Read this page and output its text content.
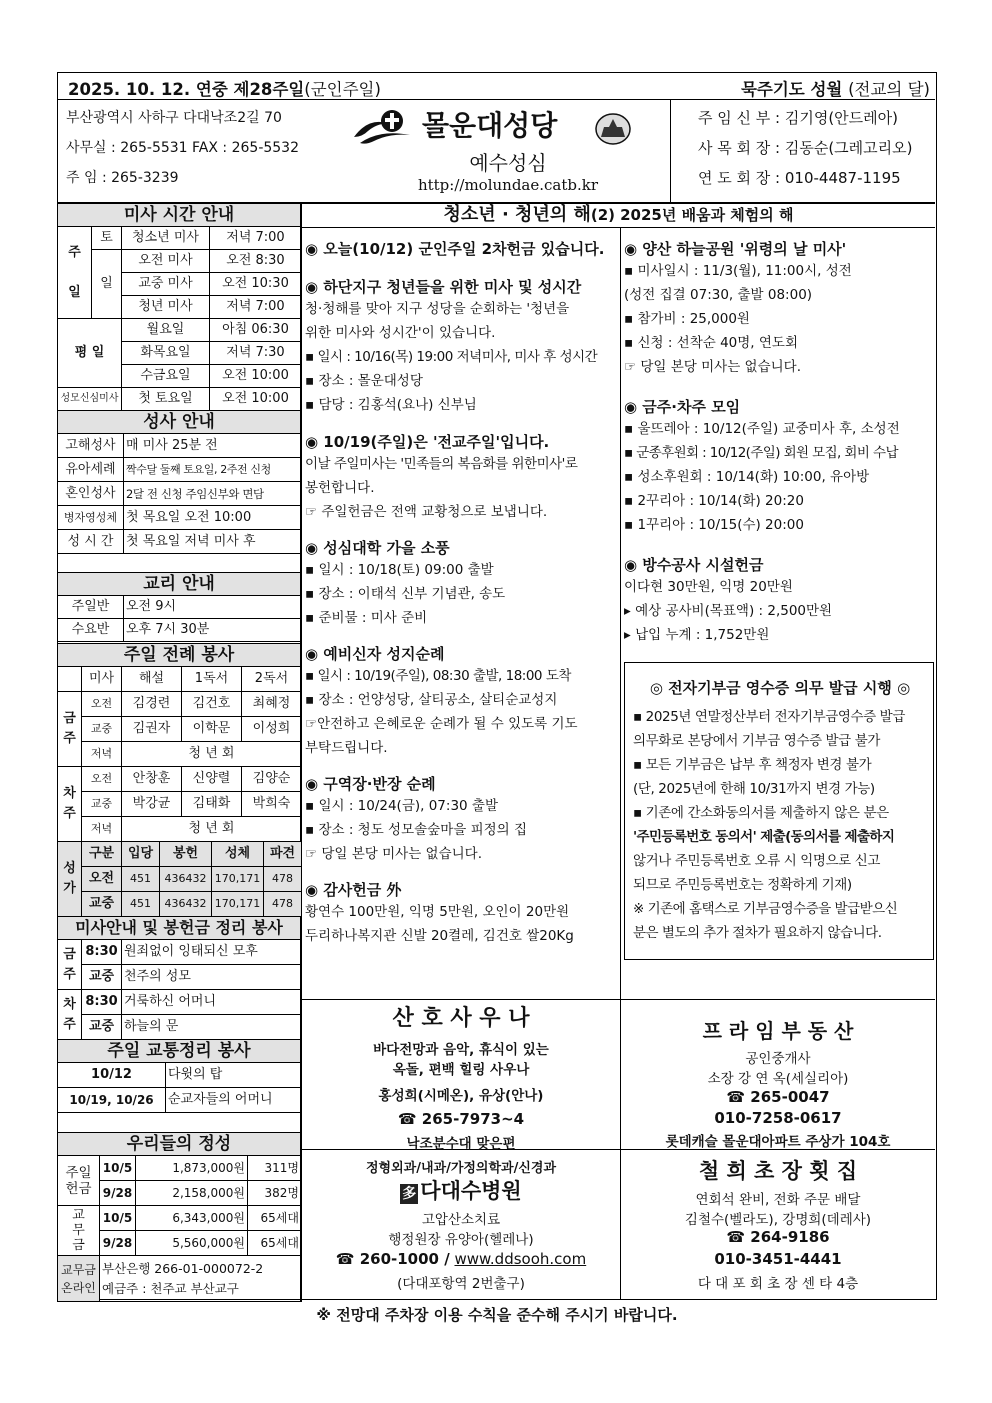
2025. 10. 12. 연중 제28주일(군인주일)	묵주기도 성월 (전교의 달)
부산광역시 사하구 다대낙조2길 70
사무실 : 265-5531 FAX : 265-5532
주 임 : 265-3239
몰운대성당
예수성심
http://molundae.catb.kr
주 임 신 부 : 김기영(안드레아)
사 목 회 장 : 김동순(그레고리오)
연 도 회 장 : 010-4487-1195
청소년 · 청년의 해(2) 2025년 배움과 체험의 해
미사 시간 안내
주

일	토	청소년 미사	저녁 7:00
	일	오전 미사	오전 8:30
		교중 미사	오전 10:30
		청년 미사	저녁 7:00
평 일		월요일	아침 06:30
		화목요일	저녁 7:30
		수금요일	오전 10:00
성모신심미사		첫 토요일	오전 10:00
성사 안내
고해성사	매 미사 25분 전
유아세례	짝수달 둘째 토요일, 2주전 신청
혼인성사	2달 전 신청 주임신부와 면담
병자영성체	첫 목요일 오전 10:00
성 시 간	첫 목요일 저녁 미사 후
교리 안내
주일반	오전 9시
수요반	오후 7시 30분
주일 전례 봉사
	미사	해설	1독서	2독서
금주	오전	김경련	김건호	최혜정
	교중	김권자	이학문	이성희
	저녁	청 년 회		
차주	오전	안창훈	신양렬	김양순
	교중	박강균	김태화	박희숙
	저녁	청 년 회		
성가	구분	입당	봉헌	성체	파견
	오전	451	436432	170,171	478
	교중	451	436432	170,171	478
미사안내 및 봉헌금 정리 봉사
금주	8:30	원죄없이 잉태되신 모후
	교중	천주의 성모
차주	8:30	거룩하신 어머니
	교중	하늘의 문
주일 교통정리 봉사
10/12	다윗의 탑
10/19, 10/26	순교자들의 어머니
우리들의 정성
주일헌금	10/5	1,873,000원	311명
	9/28	2,158,000원	382명
교무금	10/5	6,343,000원	65세대
	9/28	5,560,000원	65세대
교무금 온라인	부산은행 266-01-000072-2
예금주 : 천주교 부산교구		
◉ 오늘(10/12) 군인주일 2차헌금 있습니다.
◉ 하단지구 청년들을 위한 미사 및 성시간
청·청해를 맞아 지구 성당을 순회하는 '청년을
위한 미사와 성시간'이 있습니다.
▪ 일시 : 10/16(목) 19:00 저녁미사, 미사 후 성시간
▪ 장소 : 몰운대성당
▪ 담당 : 김홍석(요나) 신부님
◉ 10/19(주일)은 '전교주일'입니다.
이날 주일미사는 '민족들의 복음화를 위한미사'로
봉헌합니다.
☞ 주일헌금은 전액 교황청으로 보냅니다.
◉ 성심대학 가을 소풍
▪ 일시 : 10/18(토) 09:00 출발
▪ 장소 : 이태석 신부 기념관, 송도
▪ 준비물 : 미사 준비
◉ 예비신자 성지순례
▪ 일시 : 10/19(주일), 08:30 출발, 18:00 도착
▪ 장소 : 언양성당, 살티공소, 살티순교성지
☞안전하고 은혜로운 순례가 될 수 있도록 기도
부탁드립니다.
◉ 구역장·반장 순례
▪ 일시 : 10/24(금), 07:30 출발
▪ 장소 : 청도 성모솔숲마을 피정의 집
☞ 당일 본당 미사는 없습니다.
◉ 감사헌금 外
황연수 100만원, 익명 5만원, 오인이 20만원
두리하나복지관 신발 20켤레, 김건호 쌀20Kg
◉ 양산 하늘공원 '위령의 날 미사'
▪ 미사일시 : 11/3(월), 11:00시, 성전
(성전 집결 07:30, 출발 08:00)
▪ 참가비 : 25,000원
▪ 신청 : 선착순 40명, 연도회
☞ 당일 본당 미사는 없습니다.
◉ 금주·차주 모임
▪ 울뜨레아 : 10/12(주일) 교중미사 후, 소성전
▪ 군종후원회 : 10/12(주일) 회원 모집, 회비 수납
▪ 성소후원회 : 10/14(화) 10:00, 유아방
▪ 2꾸리아 : 10/14(화) 20:20
▪ 1꾸리아 : 10/15(수) 20:00
◉ 방수공사 시설헌금
이다현 30만원, 익명 20만원
▸ 예상 공사비(목표액) : 2,500만원
▸ 납입 누계 : 1,752만원
◎ 전자기부금 영수증 의무 발급 시행 ◎
▪ 2025년 연말정산부터 전자기부금영수증 발급
의무화로 본당에서 기부금 영수증 발급 불가
▪ 모든 기부금은 납부 후 책정자 변경 불가
(단, 2025년에 한해 10/31까지 변경 가능)
▪ 기존에 간소화동의서를 제출하지 않은 분은
'주민등록번호 동의서' 제출(동의서를 제출하지
않거나 주민등록번호 오류 시 익명으로 신고
되므로 주민등록번호는 정확하게 기재)
※ 기존에 홈택스로 기부금영수증을 발급받으신
분은 별도의 추가 절차가 필요하지 않습니다.
산 호 사 우 나
바다전망과 음악, 휴식이 있는
옥돌, 편백 힐링 사우나
홍성희(시메온), 유상(안나)
☎ 265-7973~4
낙조분수대 맞은편
프 라 임 부 동 산
공인중개사
소장 강 연 옥(세실리아)
☎ 265-0047
010-7258-0617
롯데캐슬 몰운대아파트 주상가 104호
정형외과/내과/가정의학과/신경과
多 다대수병원
고압산소치료
행정원장 유양아(헬레나)
☎ 260-1000 / www.ddsooh.com
(다대포항역 2번출구)
철 희 초 장 횟 집
연회석 완비, 전화 주문 배달
김철수(벨라도), 강명희(데레사)
☎ 264-9186
010-3451-4441
다 대 포 회 초 장 센 타 4층
※ 전망대 주차장 이용 수칙을 준수해 주시기 바랍니다.
